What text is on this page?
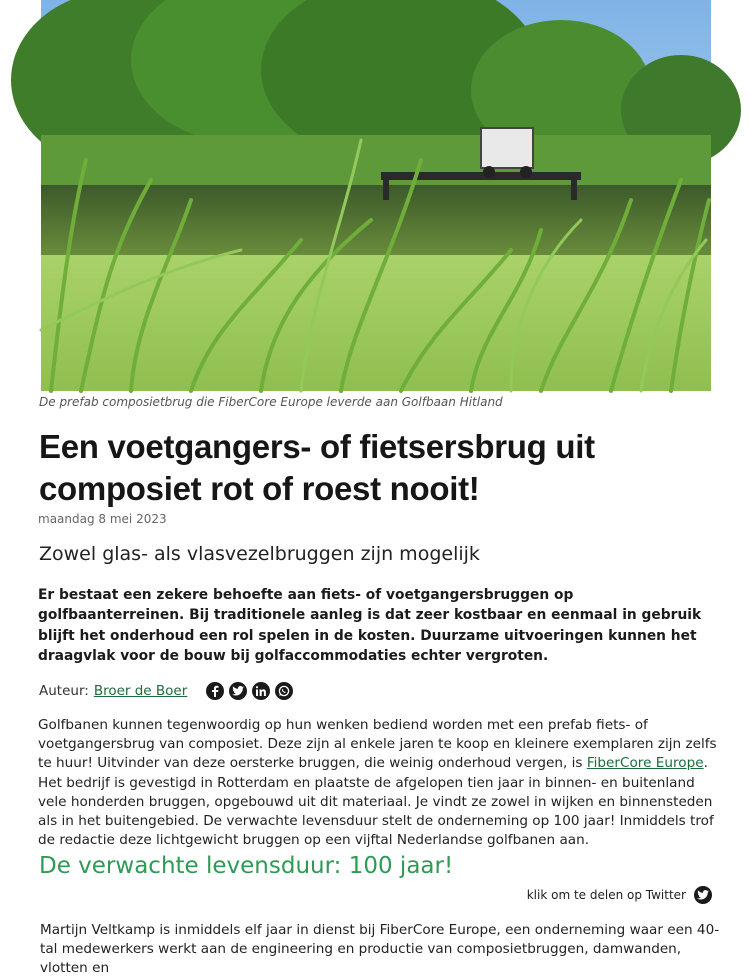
De prefab composietbrug die FiberCore Europe leverde aan Golfbaan Hitland
Een voetgangers- of fietsersbrug uit composiet rot of roest nooit!
maandag 8 mei 2023
Zowel glas- als vlasvezelbruggen zijn mogelijk

Er bestaat een zekere behoefte aan fiets- of voetgangersbruggen op golfbaanterreinen. Bij traditionele aanleg is dat zeer kostbaar en eenmaal in gebruik blijft het onderhoud een rol spelen in de kosten. Duurzame uitvoeringen kunnen het draagvlak voor de bouw bij golfaccommodaties echter vergroten.

Auteur: Broer de Boer

Golfbanen kunnen tegenwoordig op hun wenken bediend worden met een prefab fiets- of voetgangersbrug van composiet. Deze zijn al enkele jaren te koop en kleinere exemplaren zijn zelfs te huur! Uitvinder van deze oersterke bruggen, die weinig onderhoud vergen, is FiberCore Europe. Het bedrijf is gevestigd in Rotterdam en plaatste de afgelopen tien jaar in binnen- en buitenland vele honderden bruggen, opgebouwd uit dit materiaal. Je vindt ze zowel in wijken en binnensteden als in het buitengebied. De verwachte levensduur stelt de onderneming op 100 jaar! Inmiddels trof de redactie deze lichtgewicht bruggen op een vijftal Nederlandse golfbanen aan.

De verwachte levensduur: 100 jaar!
klik om te delen op Twitter

Martijn Veltkamp is inmiddels elf jaar in dienst bij FiberCore Europe, een onderneming waar een 40-tal medewerkers werkt aan de engineering en productie van composietbruggen, damwanden, vlotten en
